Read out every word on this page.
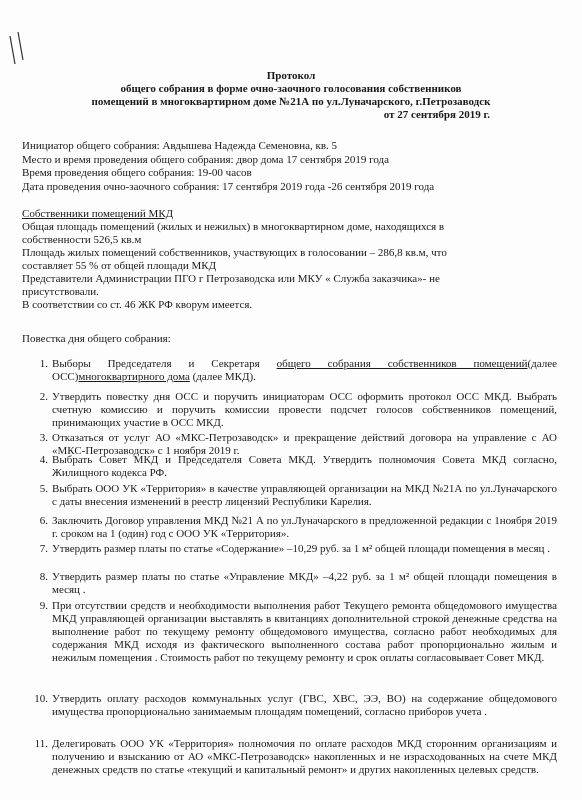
Протокол
общего собрания в форме очно-заочного голосования собственников
помещений в многоквартирном доме №21А по ул.Луначарского, г.Петрозаводск
от 27 сентября 2019 г.
Инициатор общего собрания: Авдышева Надежда Семеновна, кв. 5
Место и время проведения общего собрания: двор дома 17 сентября 2019 года
Время проведения общего собрания: 19-00 часов
Дата проведения очно-заочного собрания: 17 сентября 2019 года -26 сентября 2019 года
Собственники помещений МКД
Общая площадь помещений (жилых и нежилых) в многоквартирном доме, находящихся в
собственности 526,5 кв.м
Площадь жилых помещений собственников, участвующих в голосовании – 286,8 кв.м, что
составляет 55 % от общей площади МКД
Представители Администрации ПГО г Петрозаводска или МКУ « Служба заказчика»- не
присутствовали.
В соответствии со ст. 46 ЖК РФ кворум имеется.
Повестка дня общего собрания:
1. Выборы Председателя и Секретаря общего собрания собственников помещений(далее ОСС)многоквартирного дома (далее МКД).
2. Утвердить повестку дня ОСС и поручить инициаторам ОСС оформить протокол ОСС МКД. Выбрать счетную комиссию и поручить комиссии провести подсчет голосов собственников помещений, принимающих участие в ОСС МКД.
3. Отказаться от услуг АО «МКС-Петрозаводск» и прекращение действий договора на управление с АО «МКС-Петрозаводск» с 1 ноября 2019 г.
4. Выбрать Совет МКД и Председателя Совета МКД. Утвердить полномочия Совета МКД согласно, Жилищного кодекса РФ.
5. Выбрать ООО УК «Территория» в качестве управляющей организации на МКД №21А по ул.Луначарского с даты внесения изменений в реестр лицензий Республики Карелия.
6. Заключить Договор управления МКД №21 А по ул.Луначарского в предложенной редакции с 1ноября 2019 г. сроком на 1 (один) год с ООО УК «Территория».
7. Утвердить размер платы по статье «Содержание» –10,29 руб. за 1 м² общей площади помещения в месяц .
8. Утвердить размер платы по статье «Управление МКД» –4,22 руб. за 1 м² общей площади помещения в месяц .
9. При отсутствии средств и необходимости выполнения работ Текущего ремонта общедомового имущества МКД управляющей организации выставлять в квитанциях дополнительной строкой денежные средства на выполнение работ по текущему ремонту общедомового имущества, согласно работ необходимых для содержания МКД исходя из фактического выполненного состава работ пропорционально жилым и нежилым помещения . Стоимость работ по текущему ремонту и срок оплаты согласовывает Совет МКД.
10. Утвердить оплату расходов коммунальных услуг (ГВС, ХВС, ЭЭ, ВО) на содержание общедомового имущества пропорционально занимаемым площадям помещений, согласно приборов учета .
11. Делегировать ООО УК «Территория» полномочия по оплате расходов МКД сторонним организациям и получению и взысканию от АО «МКС-Петрозаводск» накопленных и не израсходованных на счете МКД денежных средств по статье «текущий и капитальный ремонт» и других накопленных целевых средств.
